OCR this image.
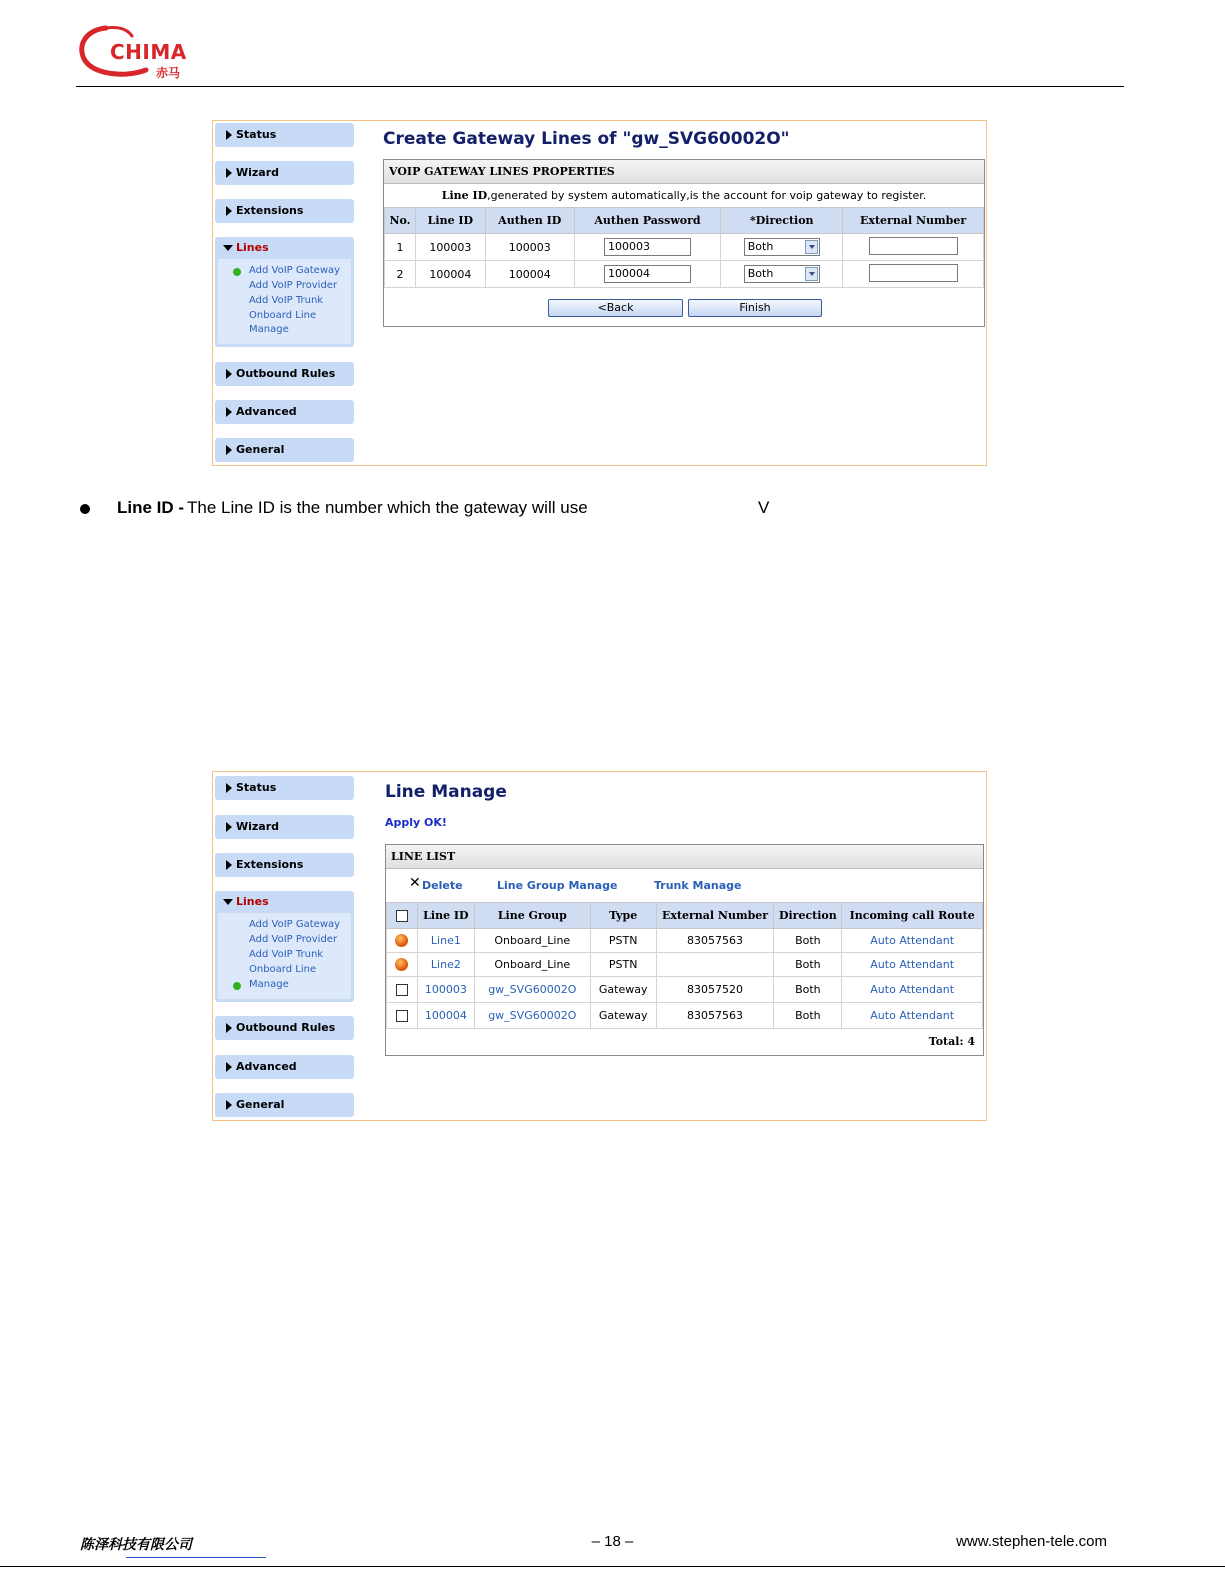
CHIMA
赤马
Status
Wizard
Extensions
Lines
Add VoIP Gateway
Add VoIP Provider
Add VoIP Trunk
Onboard Line
Manage
Outbound Rules
Advanced
General
Create Gateway Lines of "gw_SVG60002O"
VOIP GATEWAY LINES PROPERTIES
Line ID,generated by system automatically,is the account for voip gateway to register.
No.	Line ID	Authen ID	Authen Password	*Direction	External Number
1	100003	100003	100003	Both

2	100004	100004	100004	Both

<Back	Finish
Line ID - The Line ID is the number which the gateway will use	V
Status
Wizard
Extensions
Lines
Add VoIP Gateway
Add VoIP Provider
Add VoIP Trunk
Onboard Line
Manage
Outbound Rules
Advanced
General
Line Manage
Apply OK!
LINE LIST
✕ Delete	Line Group Manage	Trunk Manage
	Line ID	Line Group	Type	External Number	Direction	Incoming call Route
	Line1	Onboard_Line	PSTN	83057563	Both	Auto Attendant
	Line2	Onboard_Line	PSTN		Both	Auto Attendant
	100003	gw_SVG60002O	Gateway	83057520	Both	Auto Attendant
	100004	gw_SVG60002O	Gateway	83057563	Both	Auto Attendant
Total: 4
陈泽科技有限公司	– 18 –	www.stephen-tele.com
